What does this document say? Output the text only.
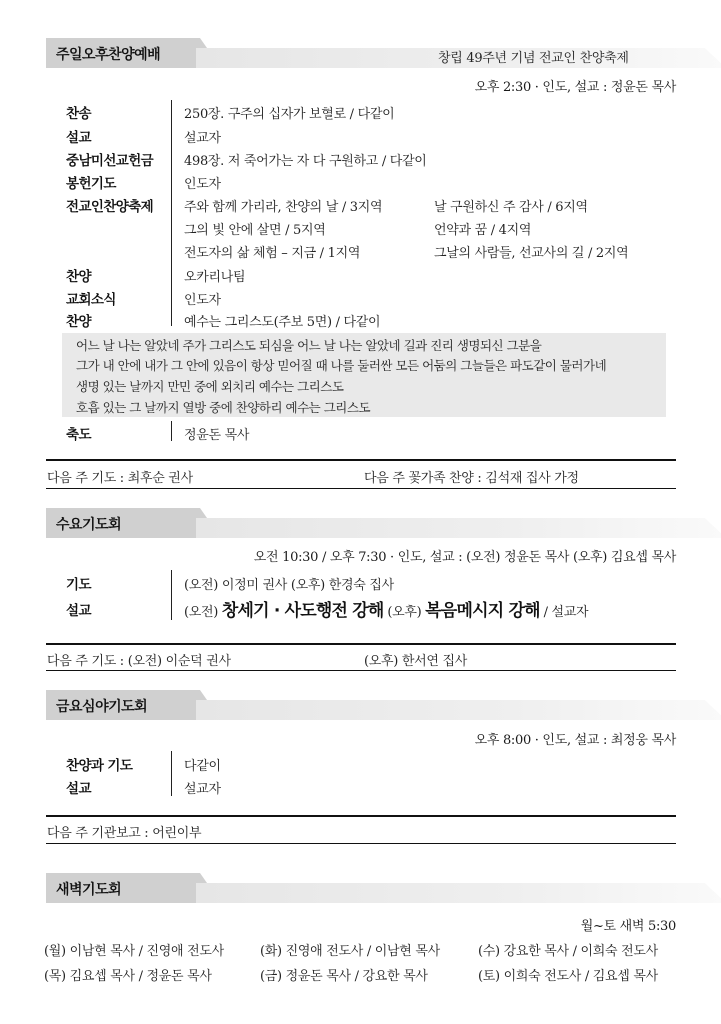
주일오후찬양예배	창립 49주년 기념 전교인 찬양축제
오후 2:30 · 인도, 설교 : 정윤돈 목사
찬송	250장. 구주의 십자가 보혈로 / 다같이
설교	설교자
중남미선교헌금 498장. 저 죽어가는 자 다 구원하고 / 다같이
봉헌기도	인도자
전교인찬양축제 주와 함께 가리라, 찬양의 날 / 3지역	날 구원하신 주 감사 / 6지역
그의 빛 안에 살면 / 5지역	언약과 꿈 / 4지역
전도자의 삶 체험 – 지금 / 1지역	그날의 사람들, 선교사의 길 / 2지역
찬양	오카리나팀
교회소식	인도자
찬양	예수는 그리스도(주보 5면) / 다같이
어느 날 나는 알았네 주가 그리스도 되심을 어느 날 나는 알았네 길과 진리 생명되신 그분을
그가 내 안에 내가 그 안에 있음이 항상 믿어질 때 나를 둘러싼 모든 어둠의 그늘들은 파도같이 물러가네
생명 있는 날까지 만민 중에 외치리 예수는 그리스도
호흡 있는 그 날까지 열방 중에 찬양하리 예수는 그리스도
축도	정윤돈 목사
다음 주 기도 : 최후순 권사	다음 주 꽃가족 찬양 : 김석재 집사 가정
수요기도회
오전 10:30 / 오후 7:30 · 인도, 설교 : (오전) 정윤돈 목사 (오후) 김요셉 목사
기도	(오전) 이정미 권사 (오후) 한경숙 집사
설교	(오전) 창세기 · 사도행전 강해 (오후) 복음메시지 강해 / 설교자
다음 주 기도 : (오전) 이순덕 권사	(오후) 한서연 집사
금요심야기도회
오후 8:00 · 인도, 설교 : 최정웅 목사
찬양과 기도	다같이
설교	설교자
다음 주 기관보고 : 어린이부
새벽기도회
월~토 새벽 5:30
(월) 이남현 목사 / 진영애 전도사	(화) 진영애 전도사 / 이남현 목사	(수) 강요한 목사 / 이희숙 전도사
(목) 김요셉 목사 / 정윤돈 목사	(금) 정윤돈 목사 / 강요한 목사	(토) 이희숙 전도사 / 김요셉 목사
